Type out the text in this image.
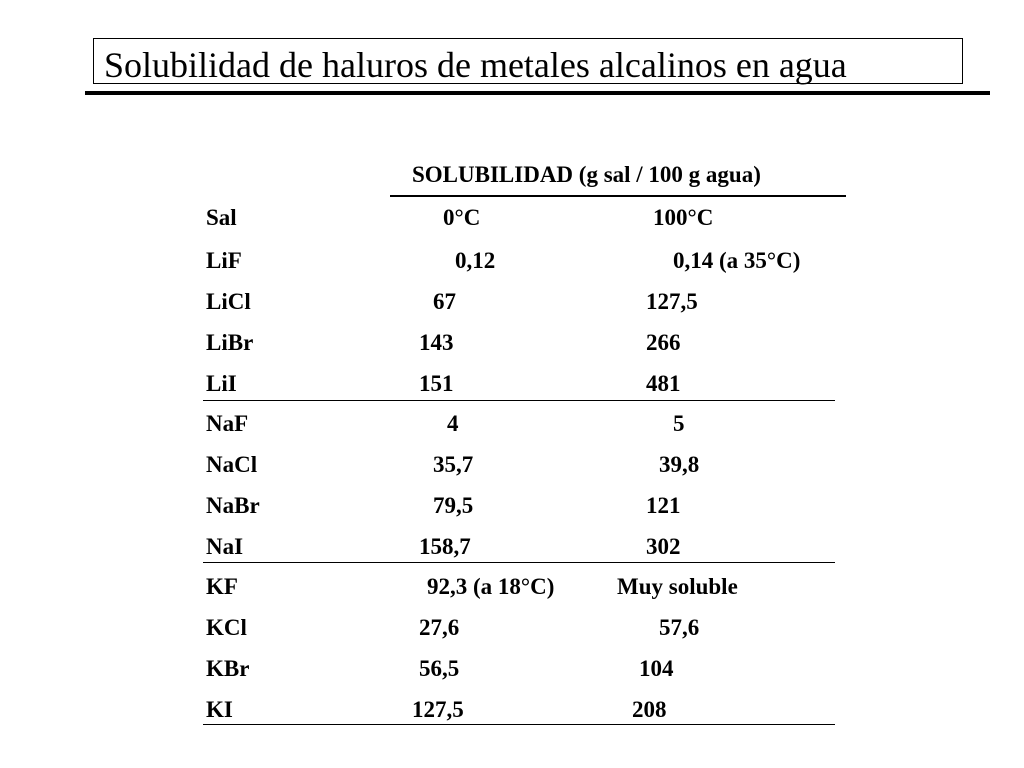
Solubilidad de haluros de metales alcalinos en agua
SOLUBILIDAD (g sal / 100 g agua)
Sal	0°C	100°C
LiF	0,12	0,14 (a 35°C)
LiCl	67	127,5
LiBr	143	266
LiI	151	481
NaF	4	5
NaCl	35,7	39,8
NaBr	79,5	121
NaI	158,7	302
KF	92,3 (a 18°C)	Muy soluble
KCl	27,6	57,6
KBr	56,5	104
KI	127,5	208
